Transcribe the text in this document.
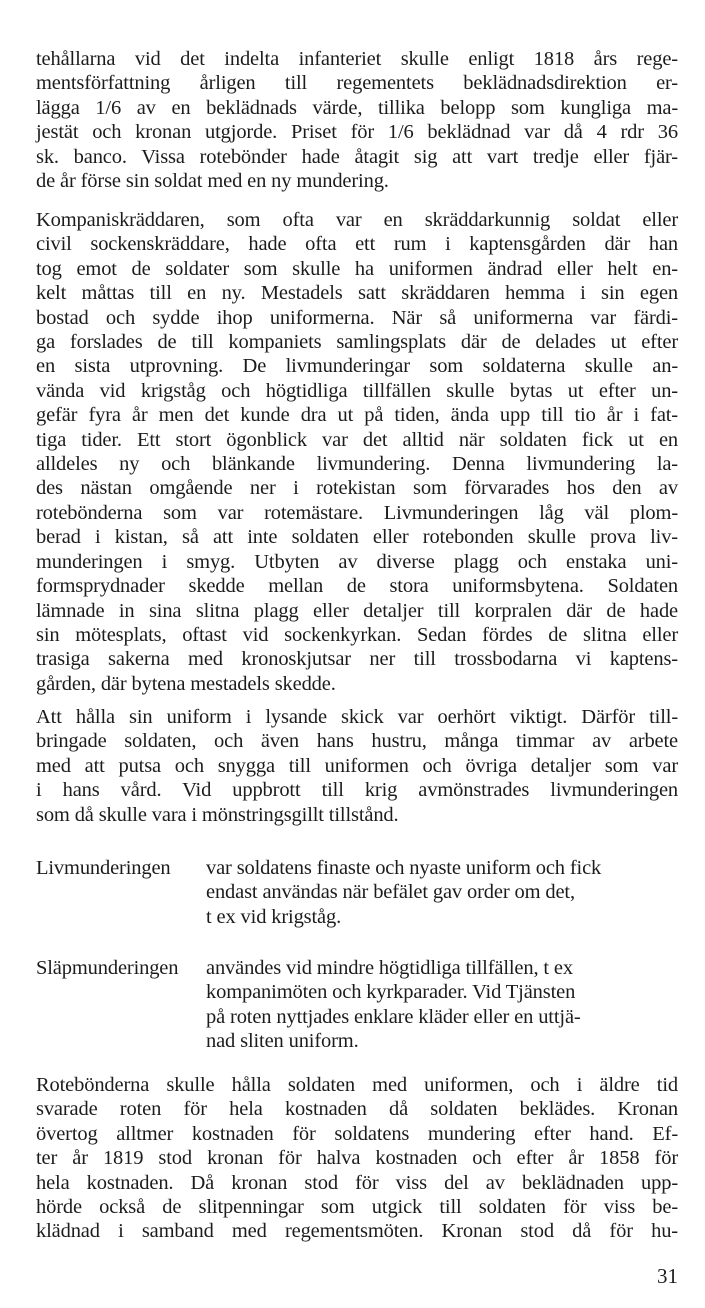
tehållarna vid det indelta infanteriet skulle enligt 1818 års rege-
mentsförfattning årligen till regementets beklädnadsdirektion er-
lägga 1/6 av en beklädnads värde, tillika belopp som kungliga ma-
jestät och kronan utgjorde. Priset för 1/6 beklädnad var då 4 rdr 36
sk. banco. Vissa rotebönder hade åtagit sig att vart tredje eller fjär-
de år förse sin soldat med en ny mundering.
Kompaniskräddaren, som ofta var en skräddarkunnig soldat eller
civil sockenskräddare, hade ofta ett rum i kaptensgården där han
tog emot de soldater som skulle ha uniformen ändrad eller helt en-
kelt måttas till en ny. Mestadels satt skräddaren hemma i sin egen
bostad och sydde ihop uniformerna. När så uniformerna var färdi-
ga forslades de till kompaniets samlingsplats där de delades ut efter
en sista utprovning. De livmunderingar som soldaterna skulle an-
vända vid krigståg och högtidliga tillfällen skulle bytas ut efter un-
gefär fyra år men det kunde dra ut på tiden, ända upp till tio år i fat-
tiga tider. Ett stort ögonblick var det alltid när soldaten fick ut en
alldeles ny och blänkande livmundering. Denna livmundering la-
des nästan omgående ner i rotekistan som förvarades hos den av
rotebönderna som var rotemästare. Livmunderingen låg väl plom-
berad i kistan, så att inte soldaten eller rotebonden skulle prova liv-
munderingen i smyg. Utbyten av diverse plagg och enstaka uni-
formsprydnader skedde mellan de stora uniformsbytena. Soldaten
lämnade in sina slitna plagg eller detaljer till korpralen där de hade
sin mötesplats, oftast vid sockenkyrkan. Sedan fördes de slitna eller
trasiga sakerna med kronoskjutsar ner till trossbodarna vi kaptens-
gården, där bytena mestadels skedde.
Att hålla sin uniform i lysande skick var oerhört viktigt. Därför till-
bringade soldaten, och även hans hustru, många timmar av arbete
med att putsa och snygga till uniformen och övriga detaljer som var
i hans vård. Vid uppbrott till krig avmönstrades livmunderingen
som då skulle vara i mönstringsgillt tillstånd.
Livmunderingen var soldatens finaste och nyaste uniform och fick
endast användas när befälet gav order om det,
t ex vid krigståg.
Släpmunderingen användes vid mindre högtidliga tillfällen, t ex
kompanimöten och kyrkparader. Vid Tjänsten
på roten nyttjades enklare kläder eller en uttjä-
nad sliten uniform.
Rotebönderna skulle hålla soldaten med uniformen, och i äldre tid
svarade roten för hela kostnaden då soldaten beklädes. Kronan
övertog alltmer kostnaden för soldatens mundering efter hand. Ef-
ter år 1819 stod kronan för halva kostnaden och efter år 1858 för
hela kostnaden. Då kronan stod för viss del av beklädnaden upp-
hörde också de slitpenningar som utgick till soldaten för viss be-
klädnad i samband med regementsmöten. Kronan stod då för hu-
31
